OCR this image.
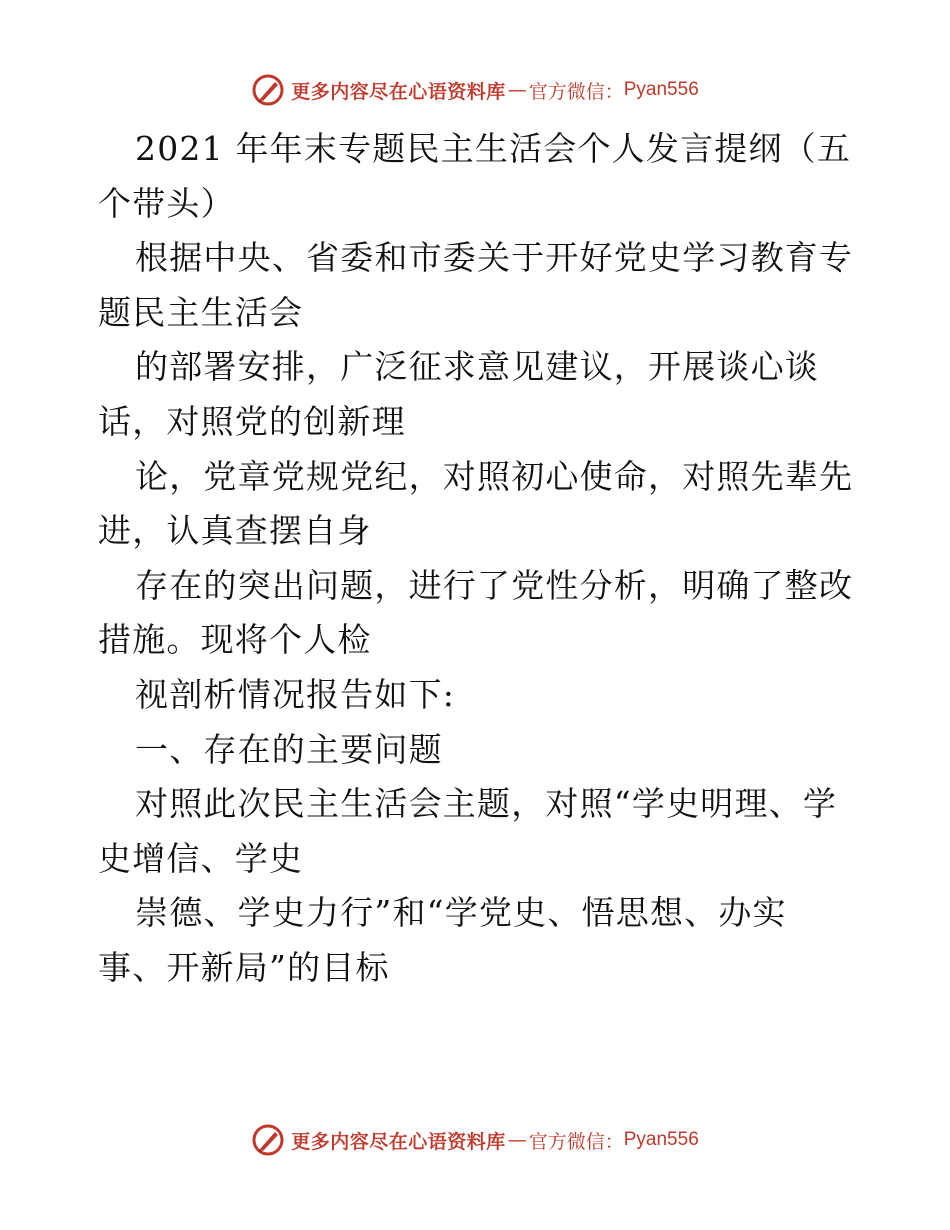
更多内容尽在心语资料库 — 官方微信： Pyan556
2021 年年末专题民主生活会个人发言提纲（五
个带头）
根据中央、省委和市委关于开好党史学习教育专
题民主生活会
的部署安排，广泛征求意见建议，开展谈心谈
话，对照党的创新理
论，党章党规党纪，对照初心使命，对照先辈先
进，认真查摆自身
存在的突出问题，进行了党性分析，明确了整改
措施。现将个人检
视剖析情况报告如下:
一、存在的主要问题
对照此次民主生活会主题，对照“学史明理、学
史增信、学史
崇德、学史力行”和“学党史、悟思想、办实
事、开新局”的目标
更多内容尽在心语资料库 — 官方微信： Pyan556
